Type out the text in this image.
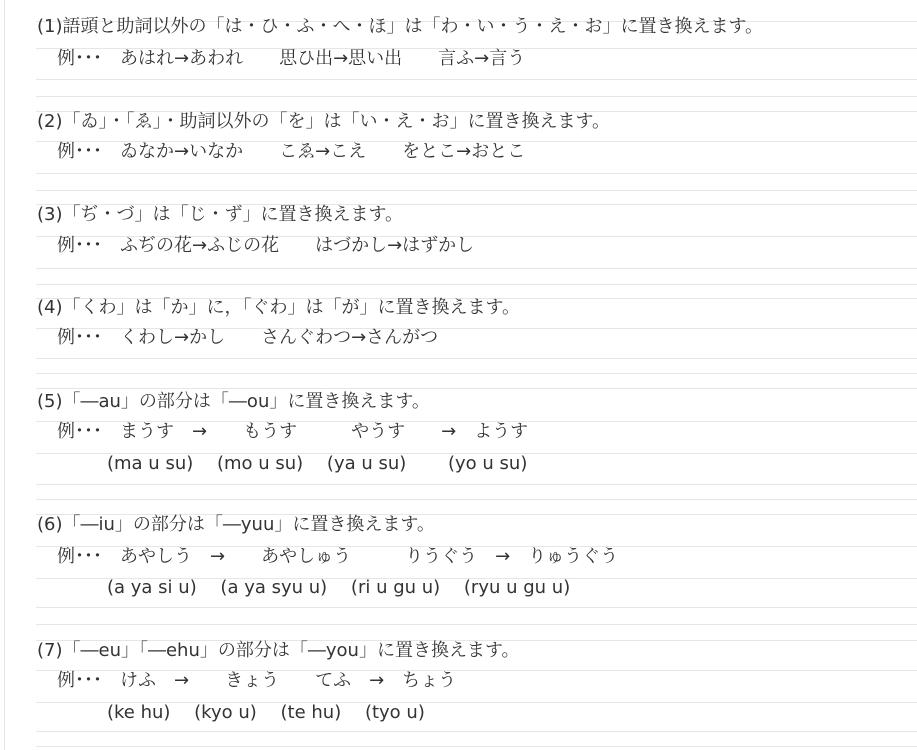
(1)語頭と助詞以外の「は・ひ・ふ・へ・ほ」は「わ・い・う・え・お」に置き換えます。
例･･･　あはれ→あわれ　　思ひ出→思い出　　言ふ→言う
(2)「ゐ」・「ゑ」・助詞以外の「を」は「い・え・お」に置き換えます。
例･･･　ゐなか→いなか　　こゑ→こえ　　をとこ→おとこ
(3)「ぢ・づ」は「じ・ず」に置き換えます。
例･･･　ふぢの花→ふじの花　　はづかし→はずかし
(4)「くわ」は「か」に，「ぐわ」は「が」に置き換えます。
例･･･　くわし→かし　　さんぐわつ→さんがつ
(5)「―au」の部分は「―ou」に置き換えます。
例･･･　まうす　→　　もうす　　　やうす　　→　ようす
(ma u su)　 (mo u su)　 (ya u su)　　 (yo u su)
(6)「―iu」の部分は「―yuu」に置き換えます。
例･･･　あやしう　→　　あやしゅう　　　りうぐう　→　りゅうぐう
(a ya si u)　 (a ya syu u)　 (ri u gu u)　 (ryu u gu u)
(7)「―eu」「―ehu」の部分は「―you」に置き換えます。
例･･･　けふ　→　　きょう　　てふ　→　ちょう
(ke hu)　 (kyo u)　 (te hu)　 (tyo u)
